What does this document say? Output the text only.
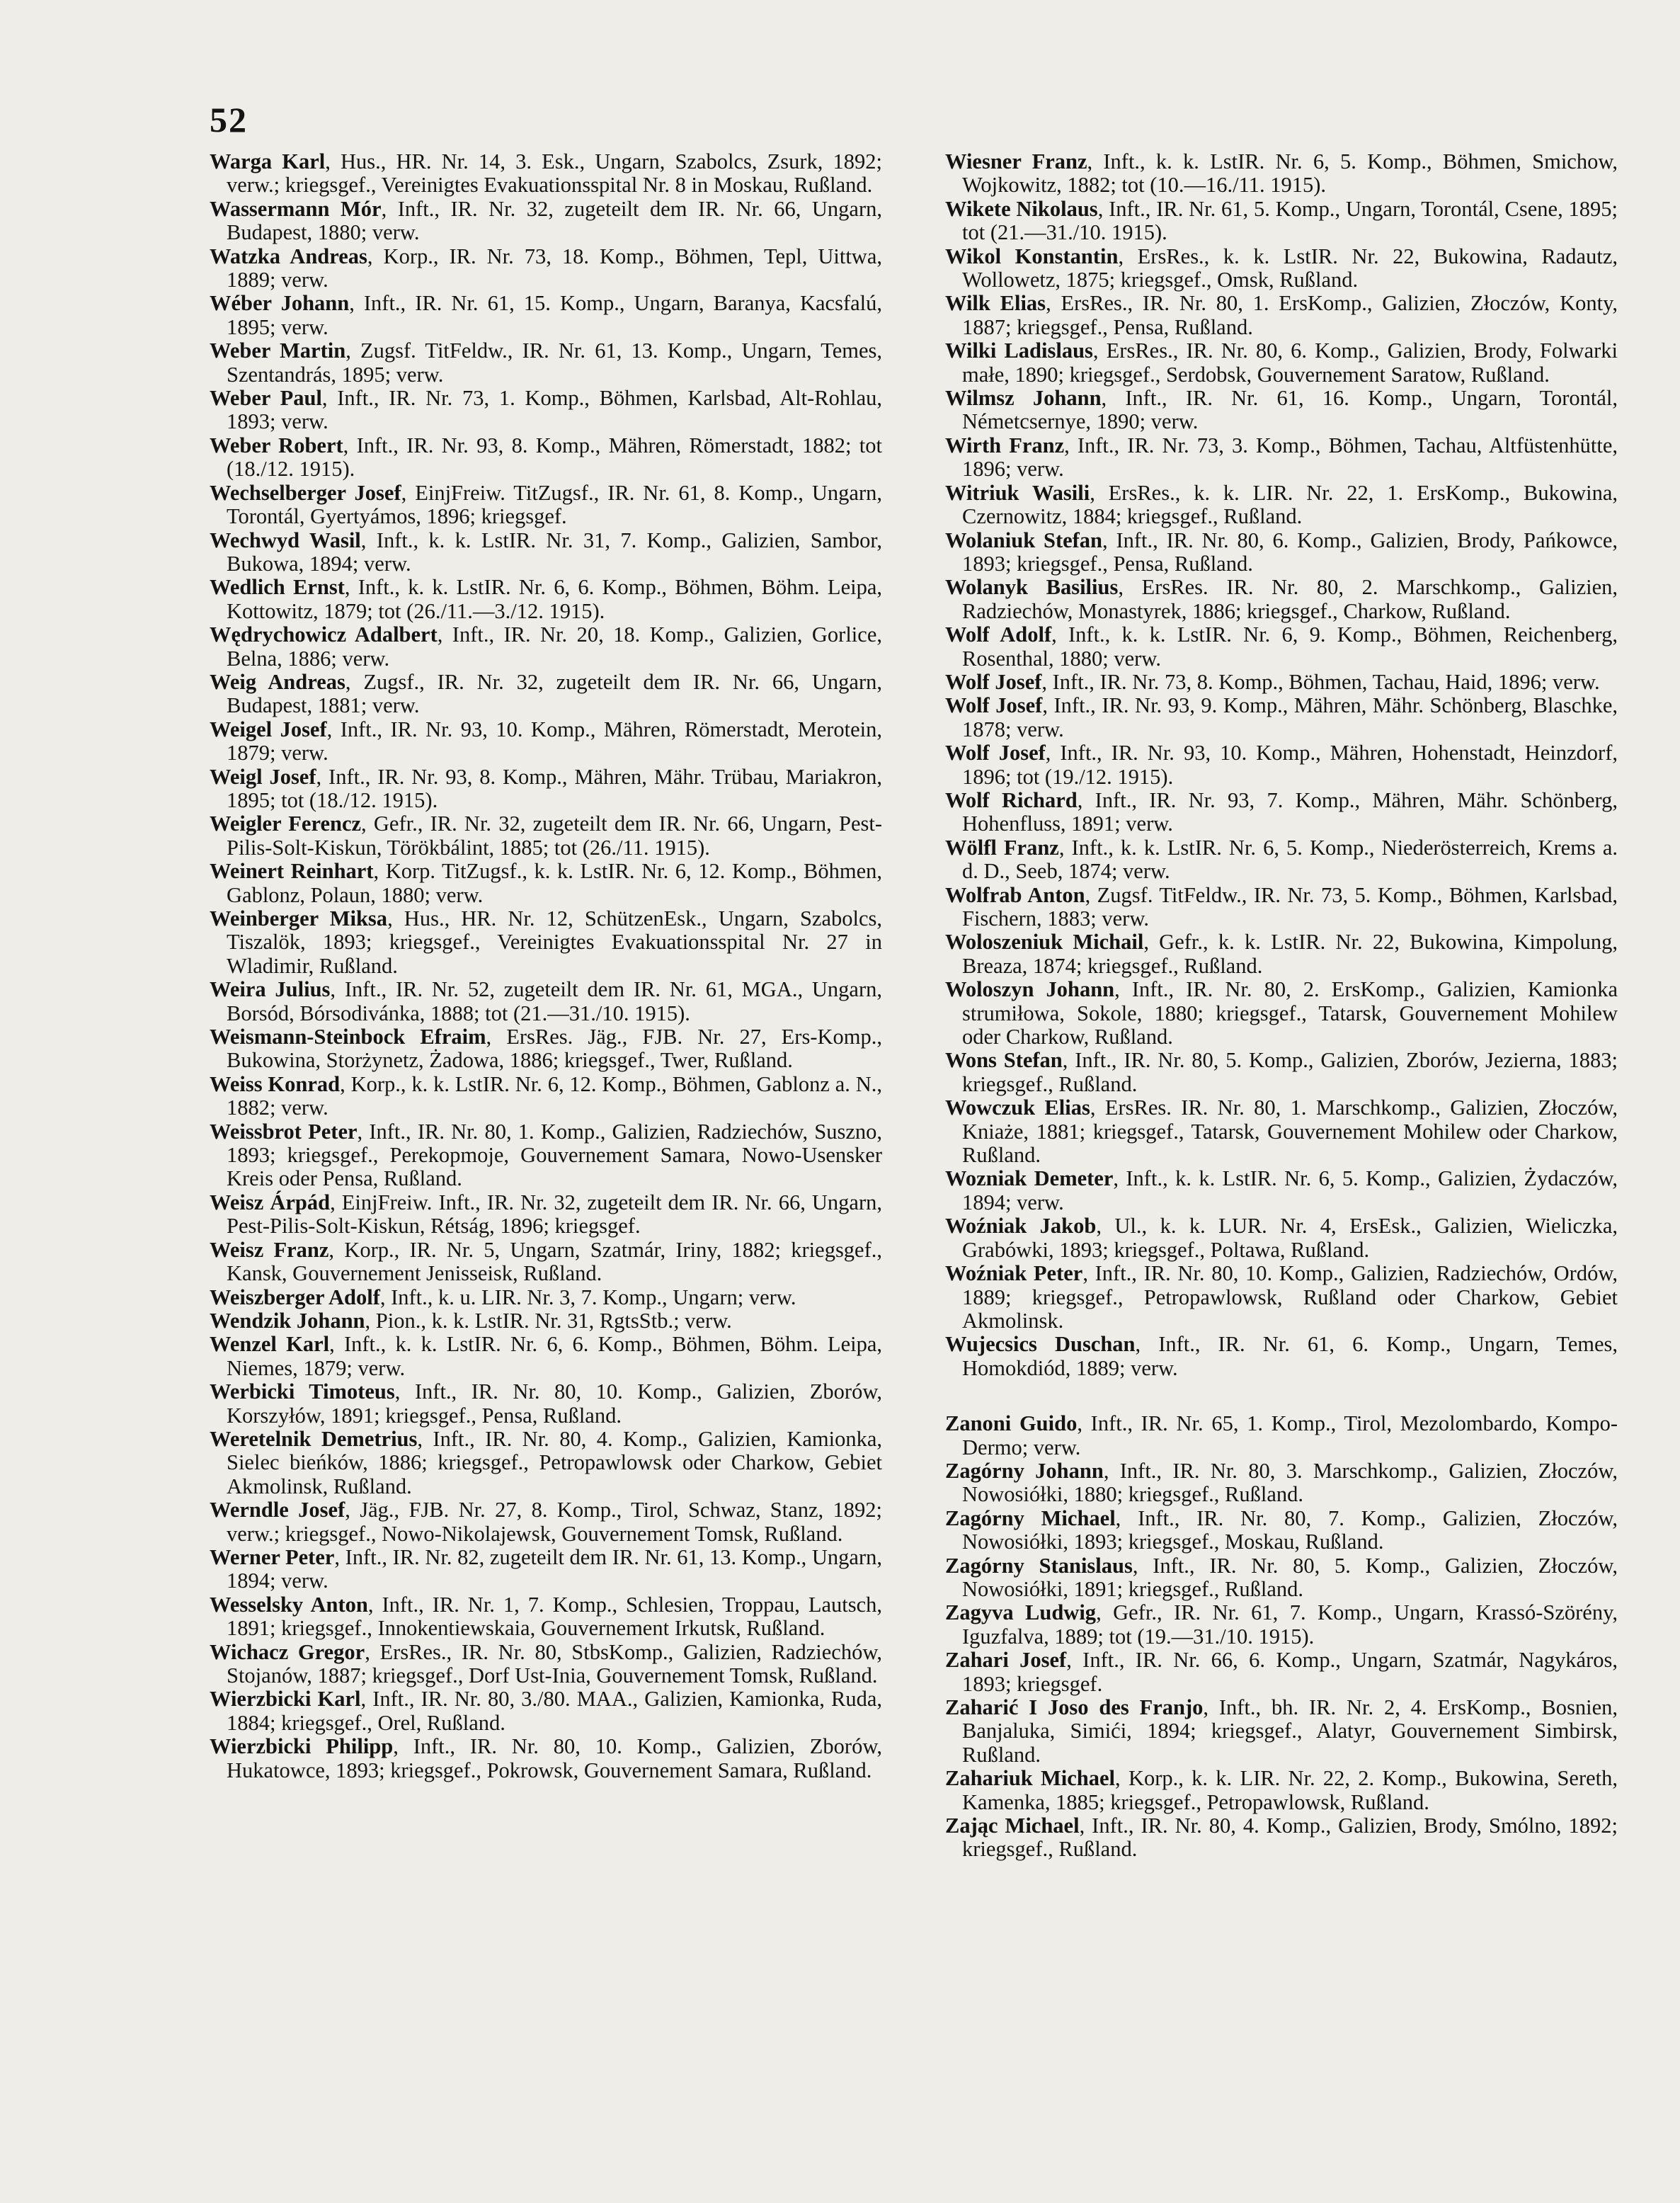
52
Warga Karl, Hus., HR. Nr. 14, 3. Esk., Ungarn, Szabolcs, Zsurk, 1892; verw.; kriegsgef., Vereinigtes Evakuationsspital Nr. 8 in Moskau, Rußland.
Wassermann Mór, Inft., IR. Nr. 32, zugeteilt dem IR. Nr. 66, Ungarn, Budapest, 1880; verw.
Watzka Andreas, Korp., IR. Nr. 73, 18. Komp., Böhmen, Tepl, Uittwa, 1889; verw.
Wéber Johann, Inft., IR. Nr. 61, 15. Komp., Ungarn, Baranya, Kacsfalú, 1895; verw.
Weber Martin, Zugsf. TitFeldw., IR. Nr. 61, 13. Komp., Ungarn, Temes, Szentandrás, 1895; verw.
Weber Paul, Inft., IR. Nr. 73, 1. Komp., Böhmen, Karlsbad, Alt-Rohlau, 1893; verw.
Weber Robert, Inft., IR. Nr. 93, 8. Komp., Mähren, Römerstadt, 1882; tot (18./12. 1915).
Wechselberger Josef, EinjFreiw. TitZugsf., IR. Nr. 61, 8. Komp., Ungarn, Torontál, Gyertyámos, 1896; kriegsgef.
Wechwyd Wasil, Inft., k. k. LstIR. Nr. 31, 7. Komp., Galizien, Sambor, Bukowa, 1894; verw.
Wedlich Ernst, Inft., k. k. LstIR. Nr. 6, 6. Komp., Böhmen, Böhm. Leipa, Kottowitz, 1879; tot (26./11.—3./12. 1915).
Wędrychowicz Adalbert, Inft., IR. Nr. 20, 18. Komp., Galizien, Gorlice, Belna, 1886; verw.
Weig Andreas, Zugsf., IR. Nr. 32, zugeteilt dem IR. Nr. 66, Ungarn, Budapest, 1881; verw.
Weigel Josef, Inft., IR. Nr. 93, 10. Komp., Mähren, Römerstadt, Merotein, 1879; verw.
Weigl Josef, Inft., IR. Nr. 93, 8. Komp., Mähren, Mähr. Trübau, Mariakron, 1895; tot (18./12. 1915).
Weigler Ferencz, Gefr., IR. Nr. 32, zugeteilt dem IR. Nr. 66, Ungarn, Pest-Pilis-Solt-Kiskun, Törökbálint, 1885; tot (26./11. 1915).
Weinert Reinhart, Korp. TitZugsf., k. k. LstIR. Nr. 6, 12. Komp., Böhmen, Gablonz, Polaun, 1880; verw.
Weinberger Miksa, Hus., HR. Nr. 12, SchützenEsk., Ungarn, Szabolcs, Tiszalök, 1893; kriegsgef., Vereinigtes Evakuationsspital Nr. 27 in Wladimir, Rußland.
Weira Julius, Inft., IR. Nr. 52, zugeteilt dem IR. Nr. 61, MGA., Ungarn, Borsód, Bórsodivánka, 1888; tot (21.—31./10. 1915).
Weismann-Steinbock Efraim, ErsRes. Jäg., FJB. Nr. 27, Ers-Komp., Bukowina, Storżynetz, Żadowa, 1886; kriegsgef., Twer, Rußland.
Weiss Konrad, Korp., k. k. LstIR. Nr. 6, 12. Komp., Böhmen, Gablonz a. N., 1882; verw.
Weissbrot Peter, Inft., IR. Nr. 80, 1. Komp., Galizien, Radziechów, Suszno, 1893; kriegsgef., Perekopmoje, Gouvernement Samara, Nowo-Usensker Kreis oder Pensa, Rußland.
Weisz Árpád, EinjFreiw. Inft., IR. Nr. 32, zugeteilt dem IR. Nr. 66, Ungarn, Pest-Pilis-Solt-Kiskun, Rétság, 1896; kriegsgef.
Weisz Franz, Korp., IR. Nr. 5, Ungarn, Szatmár, Iriny, 1882; kriegsgef., Kansk, Gouvernement Jenisseisk, Rußland.
Weiszberger Adolf, Inft., k. u. LIR. Nr. 3, 7. Komp., Ungarn; verw.
Wendzik Johann, Pion., k. k. LstIR. Nr. 31, RgtsStb.; verw.
Wenzel Karl, Inft., k. k. LstIR. Nr. 6, 6. Komp., Böhmen, Böhm. Leipa, Niemes, 1879; verw.
Werbicki Timoteus, Inft., IR. Nr. 80, 10. Komp., Galizien, Zborów, Korszyłów, 1891; kriegsgef., Pensa, Rußland.
Weretelnik Demetrius, Inft., IR. Nr. 80, 4. Komp., Galizien, Kamionka, Sielec bieńków, 1886; kriegsgef., Petropawlowsk oder Charkow, Gebiet Akmolinsk, Rußland.
Werndle Josef, Jäg., FJB. Nr. 27, 8. Komp., Tirol, Schwaz, Stanz, 1892; verw.; kriegsgef., Nowo-Nikolajewsk, Gouvernement Tomsk, Rußland.
Werner Peter, Inft., IR. Nr. 82, zugeteilt dem IR. Nr. 61, 13. Komp., Ungarn, 1894; verw.
Wesselsky Anton, Inft., IR. Nr. 1, 7. Komp., Schlesien, Troppau, Lautsch, 1891; kriegsgef., Innokentiewskaia, Gouvernement Irkutsk, Rußland.
Wichacz Gregor, ErsRes., IR. Nr. 80, StbsKomp., Galizien, Radziechów, Stojanów, 1887; kriegsgef., Dorf Ust-Inia, Gouvernement Tomsk, Rußland.
Wierzbicki Karl, Inft., IR. Nr. 80, 3./80. MAA., Galizien, Kamionka, Ruda, 1884; kriegsgef., Orel, Rußland.
Wierzbicki Philipp, Inft., IR. Nr. 80, 10. Komp., Galizien, Zborów, Hukatowce, 1893; kriegsgef., Pokrowsk, Gouvernement Samara, Rußland.
Wiesner Franz, Inft., k. k. LstIR. Nr. 6, 5. Komp., Böhmen, Smichow, Wojkowitz, 1882; tot (10.—16./11. 1915).
Wikete Nikolaus, Inft., IR. Nr. 61, 5. Komp., Ungarn, Torontál, Csene, 1895; tot (21.—31./10. 1915).
Wikol Konstantin, ErsRes., k. k. LstIR. Nr. 22, Bukowina, Radautz, Wollowetz, 1875; kriegsgef., Omsk, Rußland.
Wilk Elias, ErsRes., IR. Nr. 80, 1. ErsKomp., Galizien, Złoczów, Konty, 1887; kriegsgef., Pensa, Rußland.
Wilki Ladislaus, ErsRes., IR. Nr. 80, 6. Komp., Galizien, Brody, Folwarki małe, 1890; kriegsgef., Serdobsk, Gouvernement Saratow, Rußland.
Wilmsz Johann, Inft., IR. Nr. 61, 16. Komp., Ungarn, Torontál, Németcsernye, 1890; verw.
Wirth Franz, Inft., IR. Nr. 73, 3. Komp., Böhmen, Tachau, Altfüstenhütte, 1896; verw.
Witriuk Wasili, ErsRes., k. k. LIR. Nr. 22, 1. ErsKomp., Bukowina, Czernowitz, 1884; kriegsgef., Rußland.
Wolaniuk Stefan, Inft., IR. Nr. 80, 6. Komp., Galizien, Brody, Pańkowce, 1893; kriegsgef., Pensa, Rußland.
Wolanyk Basilius, ErsRes. IR. Nr. 80, 2. Marschkomp., Galizien, Radziechów, Monastyrek, 1886; kriegsgef., Charkow, Rußland.
Wolf Adolf, Inft., k. k. LstIR. Nr. 6, 9. Komp., Böhmen, Reichenberg, Rosenthal, 1880; verw.
Wolf Josef, Inft., IR. Nr. 73, 8. Komp., Böhmen, Tachau, Haid, 1896; verw.
Wolf Josef, Inft., IR. Nr. 93, 9. Komp., Mähren, Mähr. Schönberg, Blaschke, 1878; verw.
Wolf Josef, Inft., IR. Nr. 93, 10. Komp., Mähren, Hohenstadt, Heinzdorf, 1896; tot (19./12. 1915).
Wolf Richard, Inft., IR. Nr. 93, 7. Komp., Mähren, Mähr. Schönberg, Hohenfluss, 1891; verw.
Wölfl Franz, Inft., k. k. LstIR. Nr. 6, 5. Komp., Niederösterreich, Krems a. d. D., Seeb, 1874; verw.
Wolfrab Anton, Zugsf. TitFeldw., IR. Nr. 73, 5. Komp., Böhmen, Karlsbad, Fischern, 1883; verw.
Woloszeniuk Michail, Gefr., k. k. LstIR. Nr. 22, Bukowina, Kimpolung, Breaza, 1874; kriegsgef., Rußland.
Woloszyn Johann, Inft., IR. Nr. 80, 2. ErsKomp., Galizien, Kamionka strumiłowa, Sokole, 1880; kriegsgef., Tatarsk, Gouvernement Mohilew oder Charkow, Rußland.
Wons Stefan, Inft., IR. Nr. 80, 5. Komp., Galizien, Zborów, Jezierna, 1883; kriegsgef., Rußland.
Wowczuk Elias, ErsRes. IR. Nr. 80, 1. Marschkomp., Galizien, Złoczów, Kniaże, 1881; kriegsgef., Tatarsk, Gouvernement Mohilew oder Charkow, Rußland.
Wozniak Demeter, Inft., k. k. LstIR. Nr. 6, 5. Komp., Galizien, Żydaczów, 1894; verw.
Woźniak Jakob, Ul., k. k. LUR. Nr. 4, ErsEsk., Galizien, Wieliczka, Grabówki, 1893; kriegsgef., Poltawa, Rußland.
Woźniak Peter, Inft., IR. Nr. 80, 10. Komp., Galizien, Radziechów, Ordów, 1889; kriegsgef., Petropawlowsk, Rußland oder Charkow, Gebiet Akmolinsk.
Wujecsics Duschan, Inft., IR. Nr. 61, 6. Komp., Ungarn, Temes, Homokdiód, 1889; verw.
Zanoni Guido, Inft., IR. Nr. 65, 1. Komp., Tirol, Mezolombardo, Kompo-Dermo; verw.
Zagórny Johann, Inft., IR. Nr. 80, 3. Marschkomp., Galizien, Złoczów, Nowosiółki, 1880; kriegsgef., Rußland.
Zagórny Michael, Inft., IR. Nr. 80, 7. Komp., Galizien, Złoczów, Nowosiółki, 1893; kriegsgef., Moskau, Rußland.
Zagórny Stanislaus, Inft., IR. Nr. 80, 5. Komp., Galizien, Złoczów, Nowosiółki, 1891; kriegsgef., Rußland.
Zagyva Ludwig, Gefr., IR. Nr. 61, 7. Komp., Ungarn, Krassó-Szörény, Iguzfalva, 1889; tot (19.—31./10. 1915).
Zahari Josef, Inft., IR. Nr. 66, 6. Komp., Ungarn, Szatmár, Nagykáros, 1893; kriegsgef.
Zaharić I Joso des Franjo, Inft., bh. IR. Nr. 2, 4. ErsKomp., Bosnien, Banjaluka, Simići, 1894; kriegsgef., Alatyr, Gouvernement Simbirsk, Rußland.
Zahariuk Michael, Korp., k. k. LIR. Nr. 22, 2. Komp., Bukowina, Sereth, Kamenka, 1885; kriegsgef., Petropawlowsk, Rußland.
Zając Michael, Inft., IR. Nr. 80, 4. Komp., Galizien, Brody, Smólno, 1892; kriegsgef., Rußland.
